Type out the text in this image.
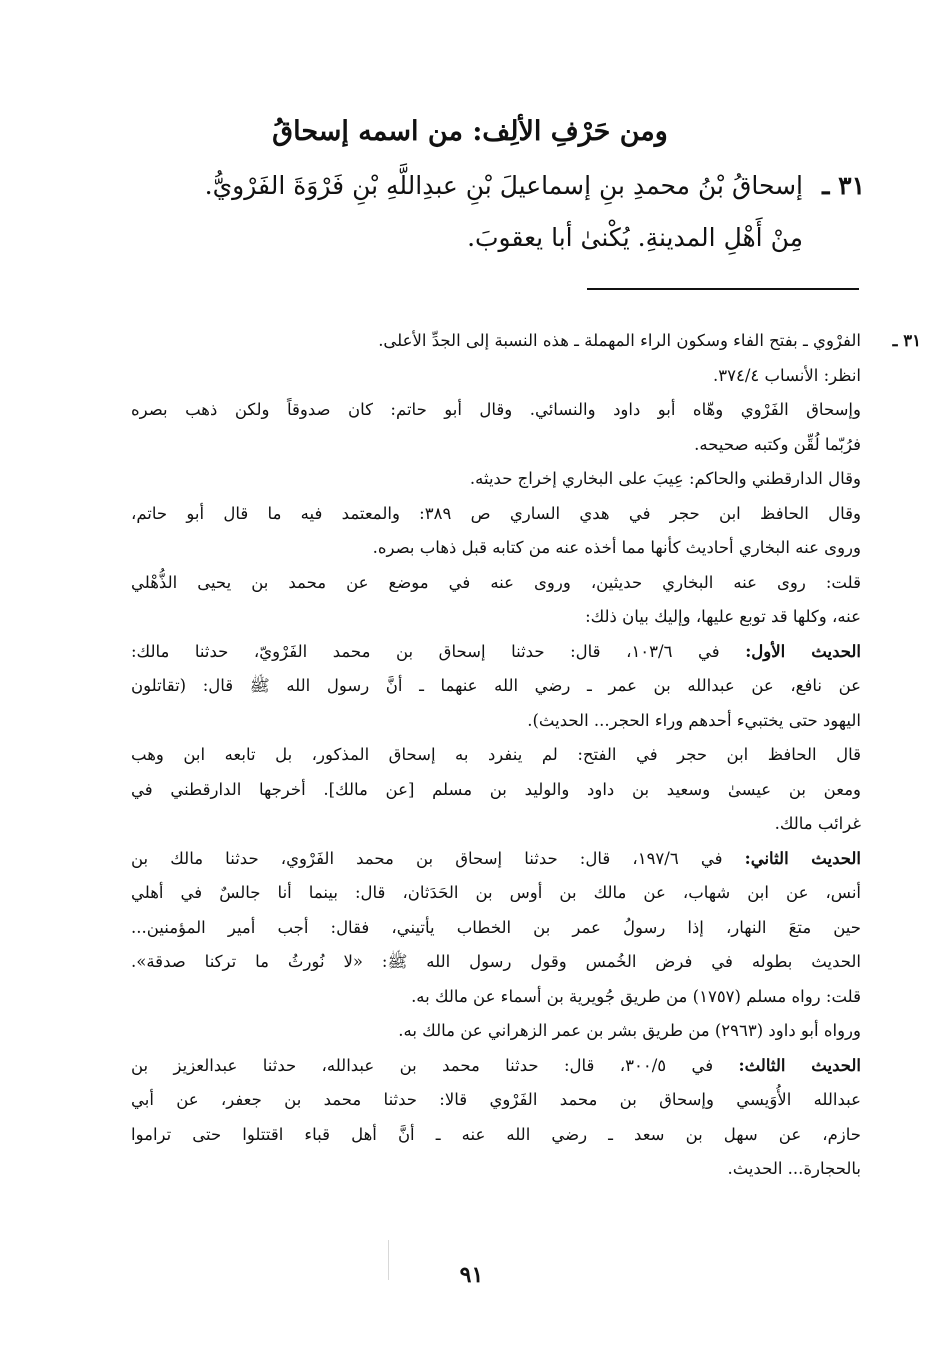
ومن حَرْفِ الألِف: من اسمه إسحاقُ
٣١ ـإسحاقُ بْنُ محمدِ بنِ إسماعيلَ بْنِ عبدِاللَّهِ بْنِ فَرْوَةَ الفَرْويُّ.
مِنْ أَهْلِ المدينةِ. يُكْنىٰ أبا يعقوبَ.
٣١ ـ
الفرْوي ـ بفتح الفاء وسكون الراء المهملة ـ هذه النسبة إلى الجدِّ الأعلى.
انظر: الأنساب ٣٧٤/٤.
وإسحاق الفَرْوي وهّاه أبو داود والنسائي. وقال أبو حاتم: كان صدوقاً ولكن ذهب بصره
فرُبّما لُقِّن وكتبه صحيحه.
وقال الدارقطني والحاكم: عِيبَ على البخاري إخراج حديثه.
وقال الحافظ ابن حجر في هدي الساري ص ٣٨٩: والمعتمد فيه ما قال أبو حاتم،
وروى عنه البخاري أحاديث كأنها مما أخذه عنه من كتابه قبل ذهاب بصره.
قلت: روى عنه البخاري حديثين، وروى عنه في موضع عن محمد بن يحيى الذُّهْلي
عنه، وكلها قد توبع عليها، وإليك بيان ذلك:
الحديث الأول: في ١٠٣/٦، قال: حدثنا إسحاق بن محمد الفَرْويّ، حدثنا مالك:
عن نافع، عن عبدالله بن عمر ـ رضي الله عنهما ـ أنَّ رسول الله ﷺ قال: (تقاتلون
اليهود حتى يختبيء أحدهم وراء الحجر... الحديث).
قال الحافظ ابن حجر في الفتح: لم ينفرد به إسحاق المذكور، بل تابعه ابن وهب
ومعن بن عيسىٰ وسعيد بن داود والوليد بن مسلم [عن مالك]. أخرجها الدارقطني في
غرائب مالك.
الحديث الثاني: في ١٩٧/٦، قال: حدثنا إسحاق بن محمد الفَرْوي، حدثنا مالك بن
أنس، عن ابن شهاب، عن مالك بن أوس بن الحَدَثان، قال: بينما أنا جالسٌ في أهلي
حين متعَ النهار، إذا رسولُ عمر بن الخطاب يأتيني، فقال: أجب أمير المؤمنين...
الحديث بطوله في فرض الخُمس وقول رسول الله ﷺ: «لا نُورثُ ما تركنا صدقة».
قلت: رواه مسلم (١٧٥٧) من طريق جُويرية بن أسماء عن مالك به.
ورواه أبو داود (٢٩٦٣) من طريق بشر بن عمر الزهراني عن مالك به.
الحديث الثالث: في ٣٠٠/٥، قال: حدثنا محمد بن عبدالله، حدثنا عبدالعزيز بن
عبدالله الأُوَيسي وإسحاق بن محمد الفَرْوي قالا: حدثنا محمد بن جعفر، عن أبي
حازم، عن سهل بن سعد ـ رضي الله عنه ـ أنَّ أهل قباء اقتتلوا حتى تراموا
بالحجارة... الحديث.
٩١
